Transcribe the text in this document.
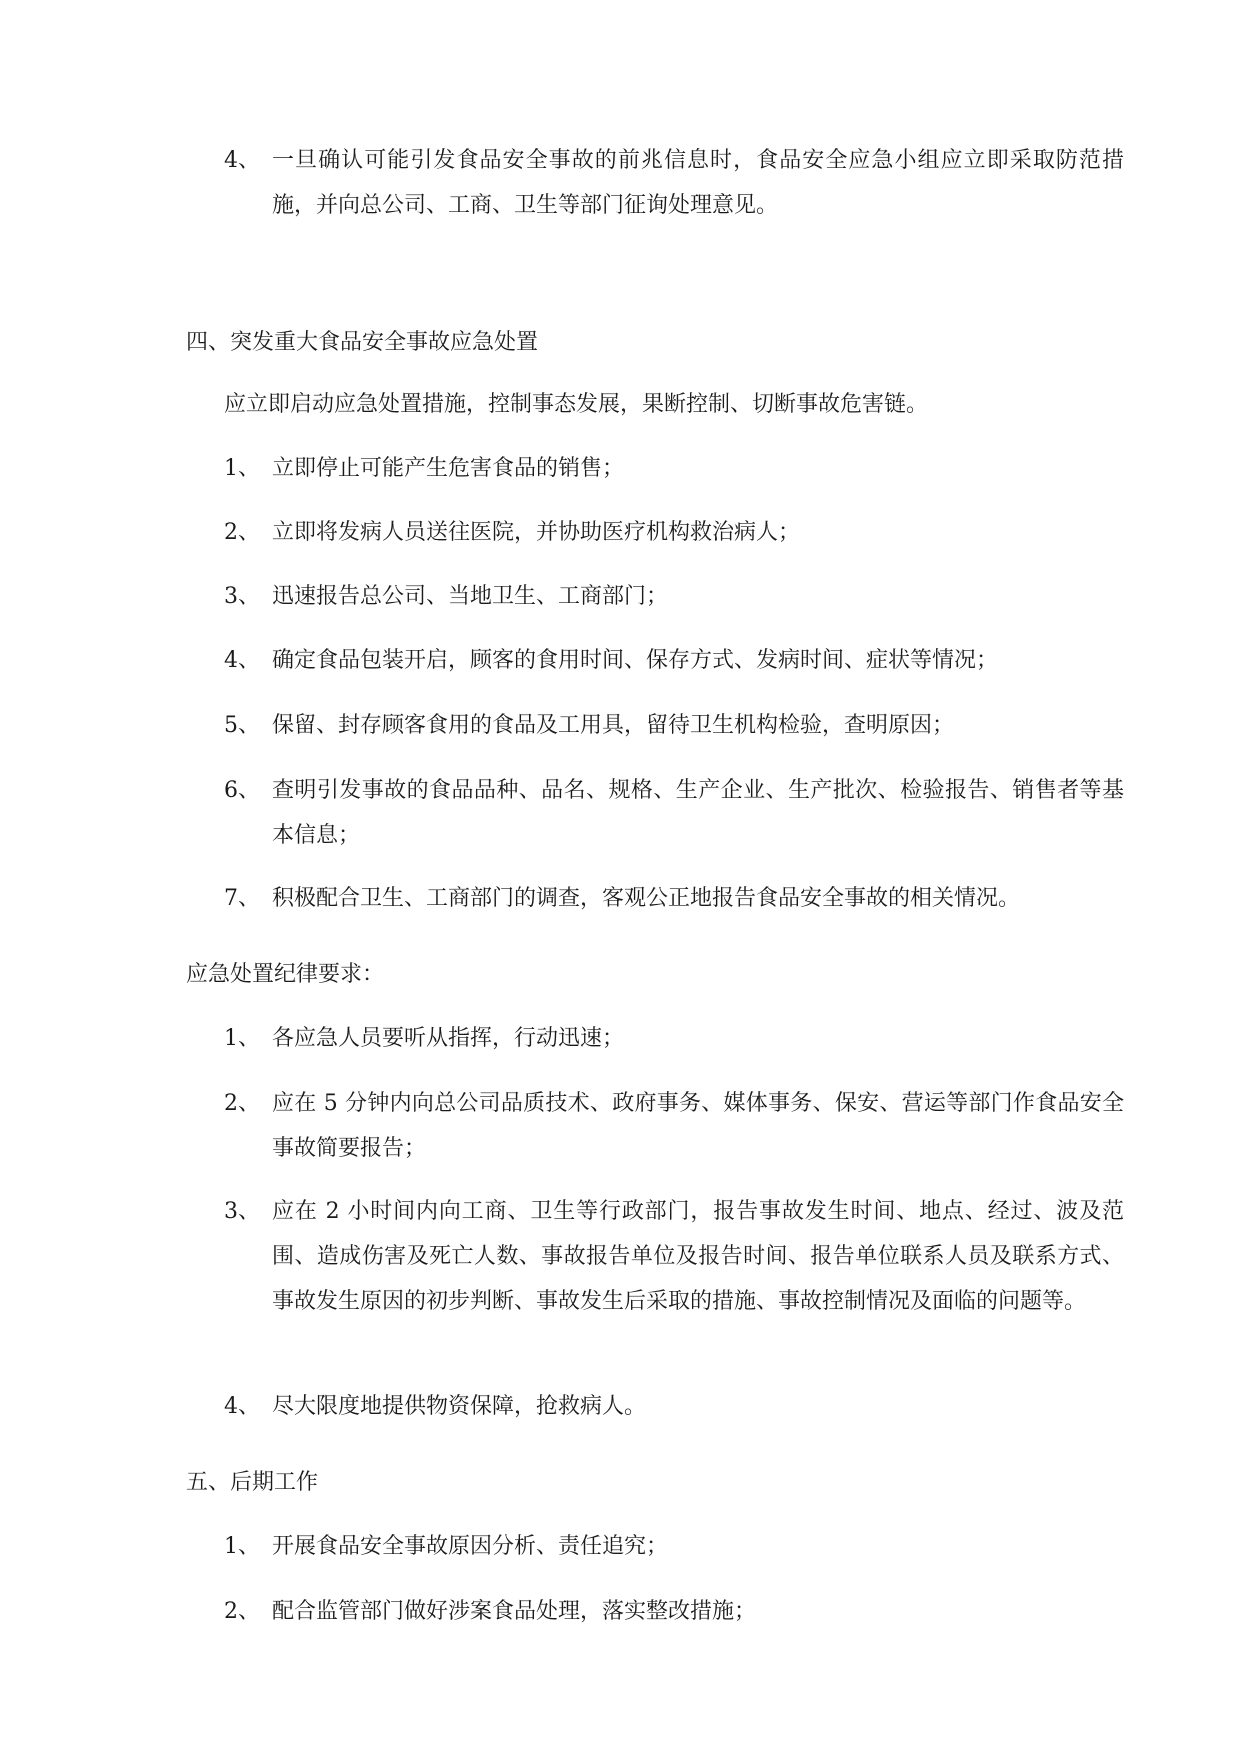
4、 一旦确认可能引发食品安全事故的前兆信息时，食品安全应急小组应立即采取防范措施，并向总公司、工商、卫生等部门征询处理意见。
四、突发重大食品安全事故应急处置
应立即启动应急处置措施，控制事态发展，果断控制、切断事故危害链。
1、 立即停止可能产生危害食品的销售；
2、 立即将发病人员送往医院，并协助医疗机构救治病人；
3、 迅速报告总公司、当地卫生、工商部门；
4、 确定食品包装开启，顾客的食用时间、保存方式、发病时间、症状等情况；
5、 保留、封存顾客食用的食品及工用具，留待卫生机构检验，查明原因；
6、 查明引发事故的食品品种、品名、规格、生产企业、生产批次、检验报告、销售者等基本信息；
7、 积极配合卫生、工商部门的调查，客观公正地报告食品安全事故的相关情况。
应急处置纪律要求：
1、 各应急人员要听从指挥，行动迅速；
2、 应在 5 分钟内向总公司品质技术、政府事务、媒体事务、保安、营运等部门作食品安全事故简要报告；
3、 应在 2 小时间内向工商、卫生等行政部门，报告事故发生时间、地点、经过、波及范围、造成伤害及死亡人数、事故报告单位及报告时间、报告单位联系人员及联系方式、事故发生原因的初步判断、事故发生后采取的措施、事故控制情况及面临的问题等。
4、 尽大限度地提供物资保障，抢救病人。
五、后期工作
1、 开展食品安全事故原因分析、责任追究；
2、 配合监管部门做好涉案食品处理，落实整改措施；
